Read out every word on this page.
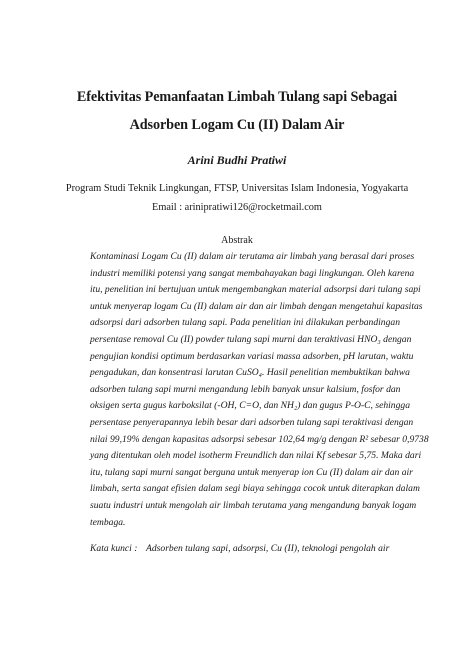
Efektivitas Pemanfaatan Limbah Tulang sapi Sebagai
Adsorben Logam Cu (II) Dalam Air
Arini Budhi Pratiwi
Program Studi Teknik Lingkungan, FTSP, Universitas Islam Indonesia, Yogyakarta
Email : arinipratiwi126@rocketmail.com
Abstrak
Kontaminasi Logam Cu (II) dalam air terutama air limbah yang berasal dari proses
industri memiliki potensi yang sangat membahayakan bagi lingkungan. Oleh karena
itu, penelitian ini bertujuan untuk mengembangkan material adsorpsi dari tulang sapi
untuk menyerap logam Cu (II) dalam air dan air limbah dengan mengetahui kapasitas
adsorpsi dari adsorben tulang sapi. Pada penelitian ini dilakukan perbandingan
persentase removal Cu (II) powder tulang sapi murni dan teraktivasi HNO₃ dengan
pengujian kondisi optimum berdasarkan variasi massa adsorben, pH larutan, waktu
pengadukan, dan konsentrasi larutan CuSO₄. Hasil penelitian membuktikan bahwa
adsorben tulang sapi murni mengandung lebih banyak unsur kalsium, fosfor dan
oksigen serta gugus karboksilat (-OH, C=O, dan NH₂) dan gugus P-O-C, sehingga
persentase penyerapannya lebih besar dari adsorben tulang sapi teraktivasi dengan
nilai 99,19% dengan kapasitas adsorpsi sebesar 102,64 mg/g dengan R² sebesar 0,9738
yang ditentukan oleh model isotherm Freundlich dan nilai Kf sebesar 5,75. Maka dari
itu, tulang sapi murni sangat berguna untuk menyerap ion Cu (II) dalam air dan air
limbah, serta sangat efisien dalam segi biaya sehingga cocok untuk diterapkan dalam
suatu industri untuk mengolah air limbah terutama yang mengandung banyak logam
tembaga.
Kata kunci : Adsorben tulang sapi, adsorpsi, Cu (II), teknologi pengolah air
